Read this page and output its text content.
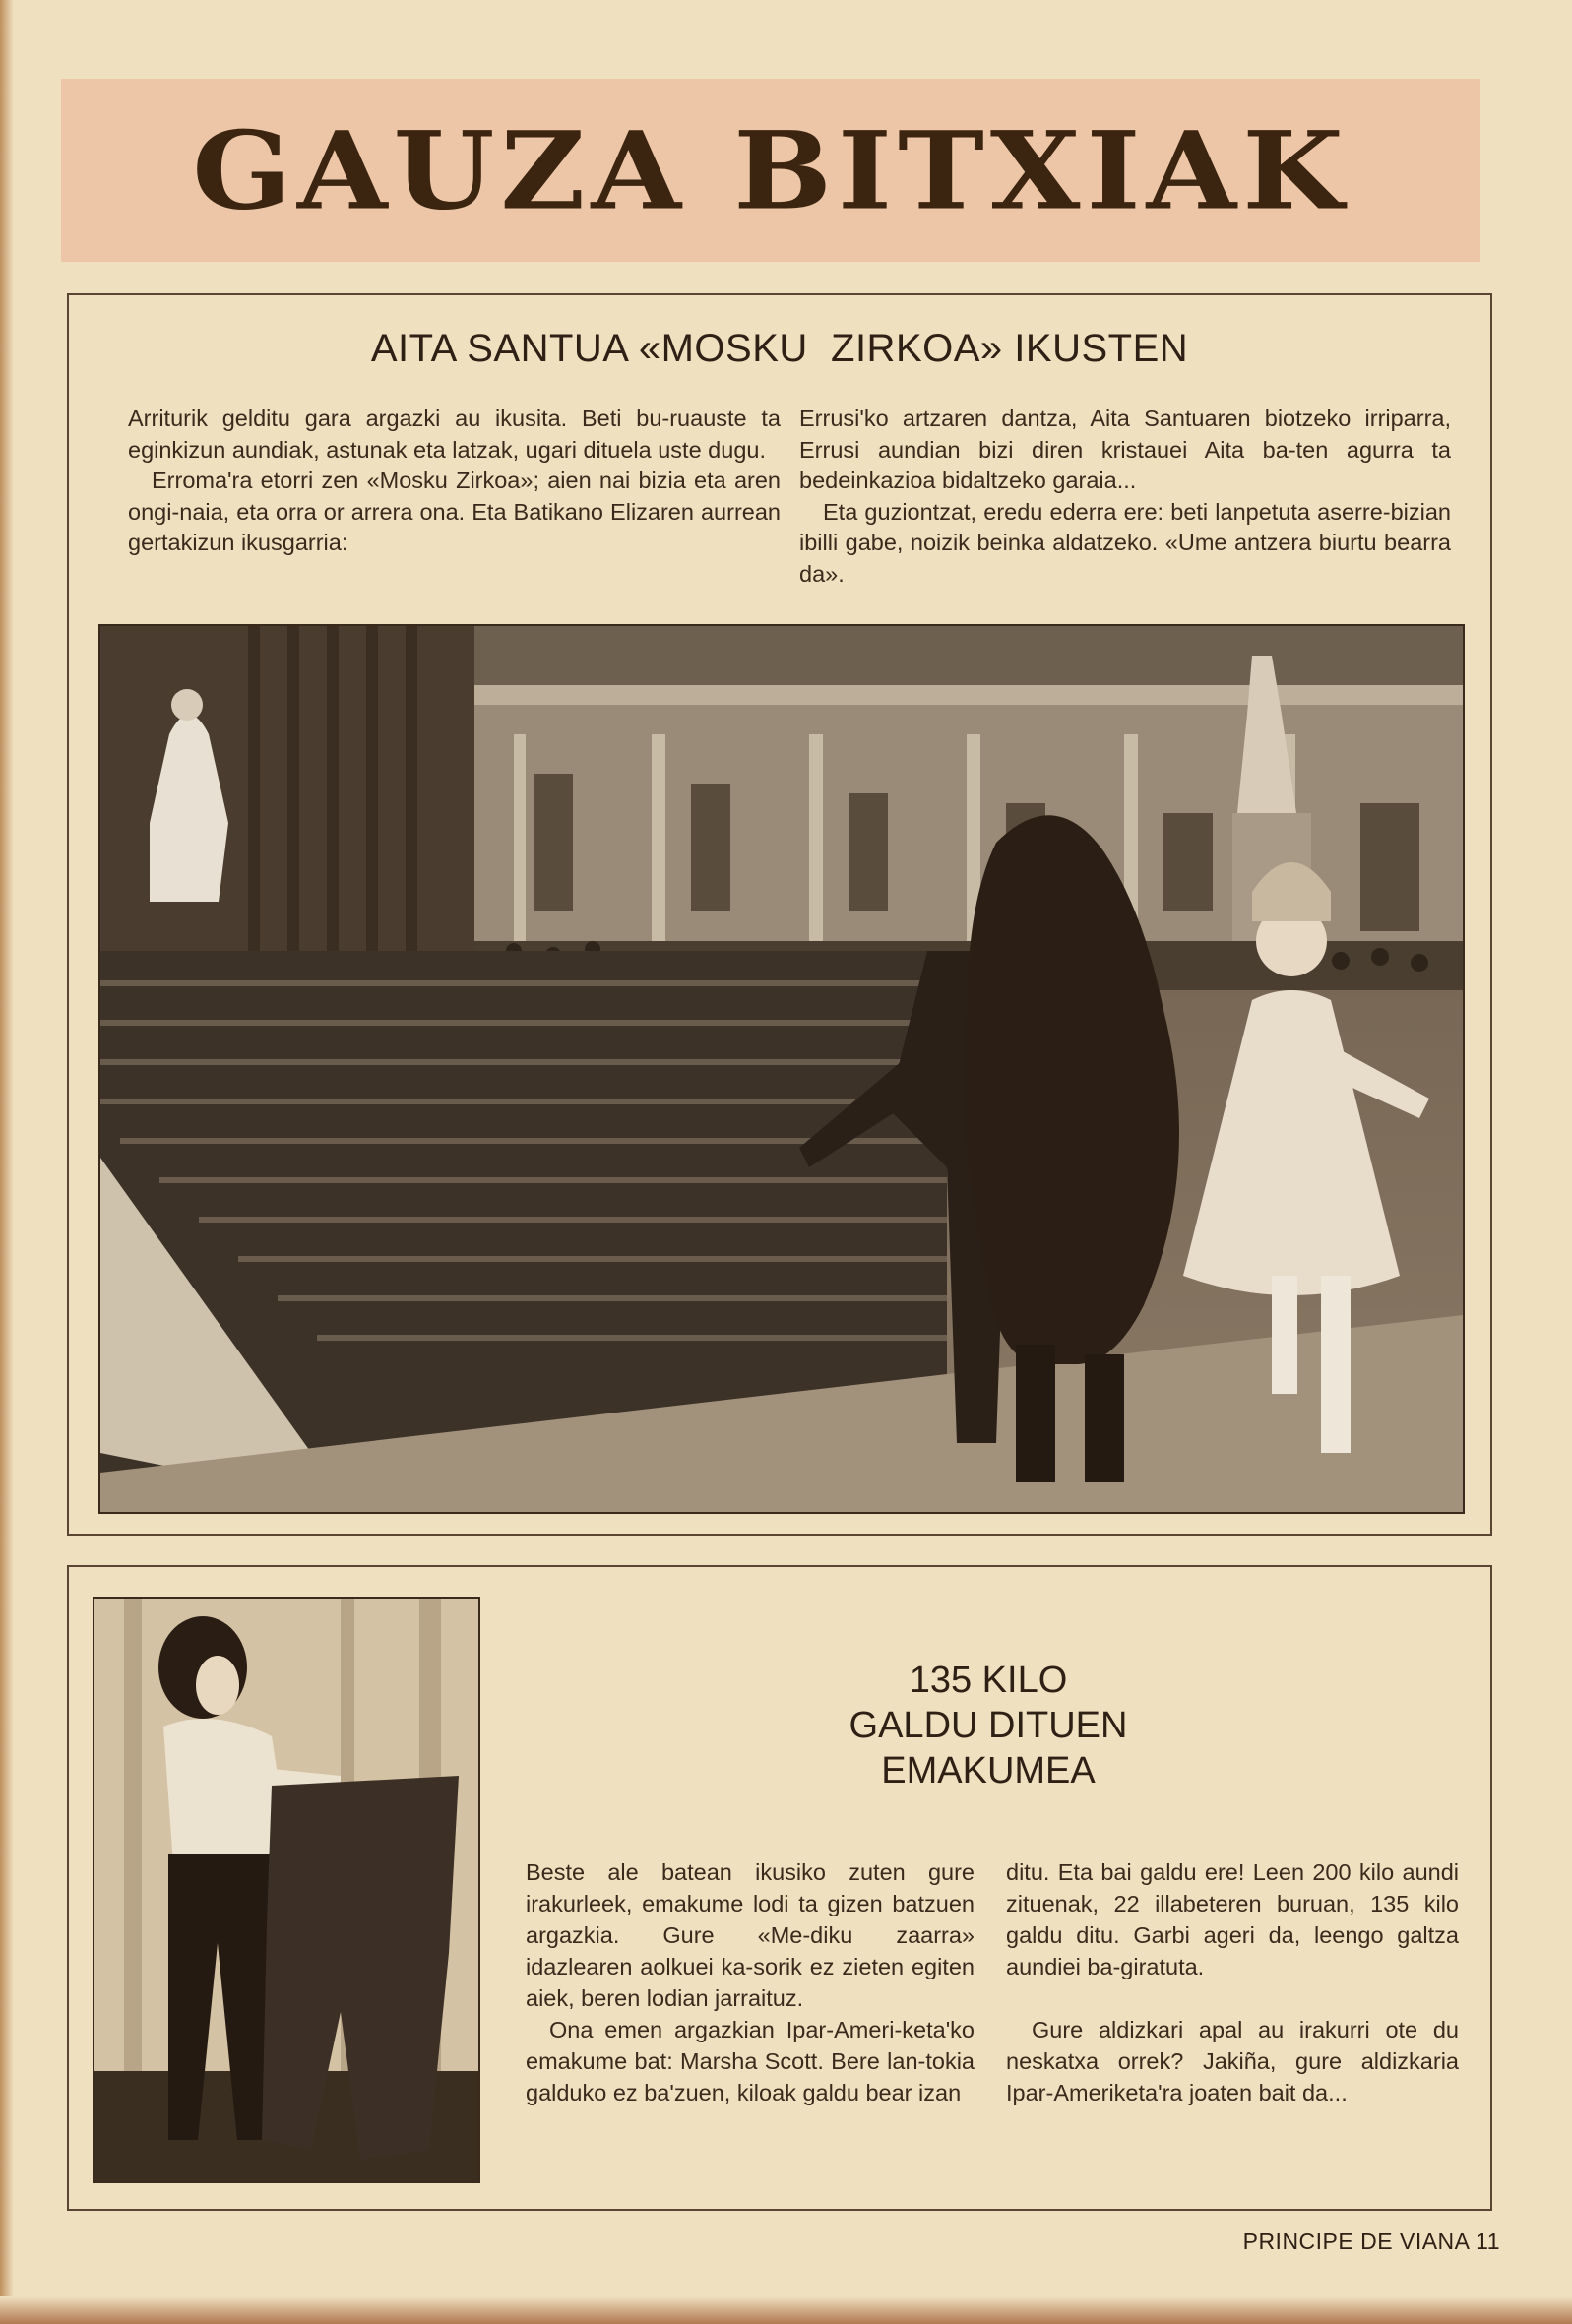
GAUZA BITXIAK
AITA SANTUA «MOSKU  ZIRKOA» IKUSTEN

Arriturik gelditu gara argazki au ikusita. Beti bu-ruauste ta eginkizun aundiak, astunak eta latzak, ugari dituela uste dugu.

Erroma'ra etorri zen «Mosku Zirkoa»; aien nai bizia eta aren ongi-naia, eta orra or arrera ona. Eta Batikano Elizaren aurrean gertakizun ikusgarria:

Errusi'ko artzaren dantza, Aita Santuaren biotzeko irriparra, Errusi aundian bizi diren kristauei Aita ba-ten agurra ta bedeinkazioa bidaltzeko garaia...

Eta guziontzat, eredu ederra ere: beti lanpetuta aserre-bizian ibilli gabe, noizik beinka aldatzeko. «Ume antzera biurtu bearra da».

135 KILO
GALDU DITUEN
EMAKUMEA

Beste ale batean ikusiko zuten gure irakurleek, emakume lodi ta gizen batzuen argazkia. Gure «Me-diku zaarra» idazlearen aolkuei ka-sorik ez zieten egiten aiek, beren lodian jarraituz.

Ona emen argazkian Ipar-Ameri-keta'ko emakume bat: Marsha Scott. Bere lan-tokia galduko ez ba'zuen, kiloak galdu bear izan

ditu. Eta bai galdu ere! Leen 200 kilo aundi zituenak, 22 illabeteren buruan, 135 kilo galdu ditu. Garbi ageri da, leengo galtza aundiei ba-giratuta.

Gure aldizkari apal au irakurri ote du neskatxa orrek? Jakiña, gure aldizkaria Ipar-Ameriketa'ra joaten bait da...

PRINCIPE DE VIANA 11
